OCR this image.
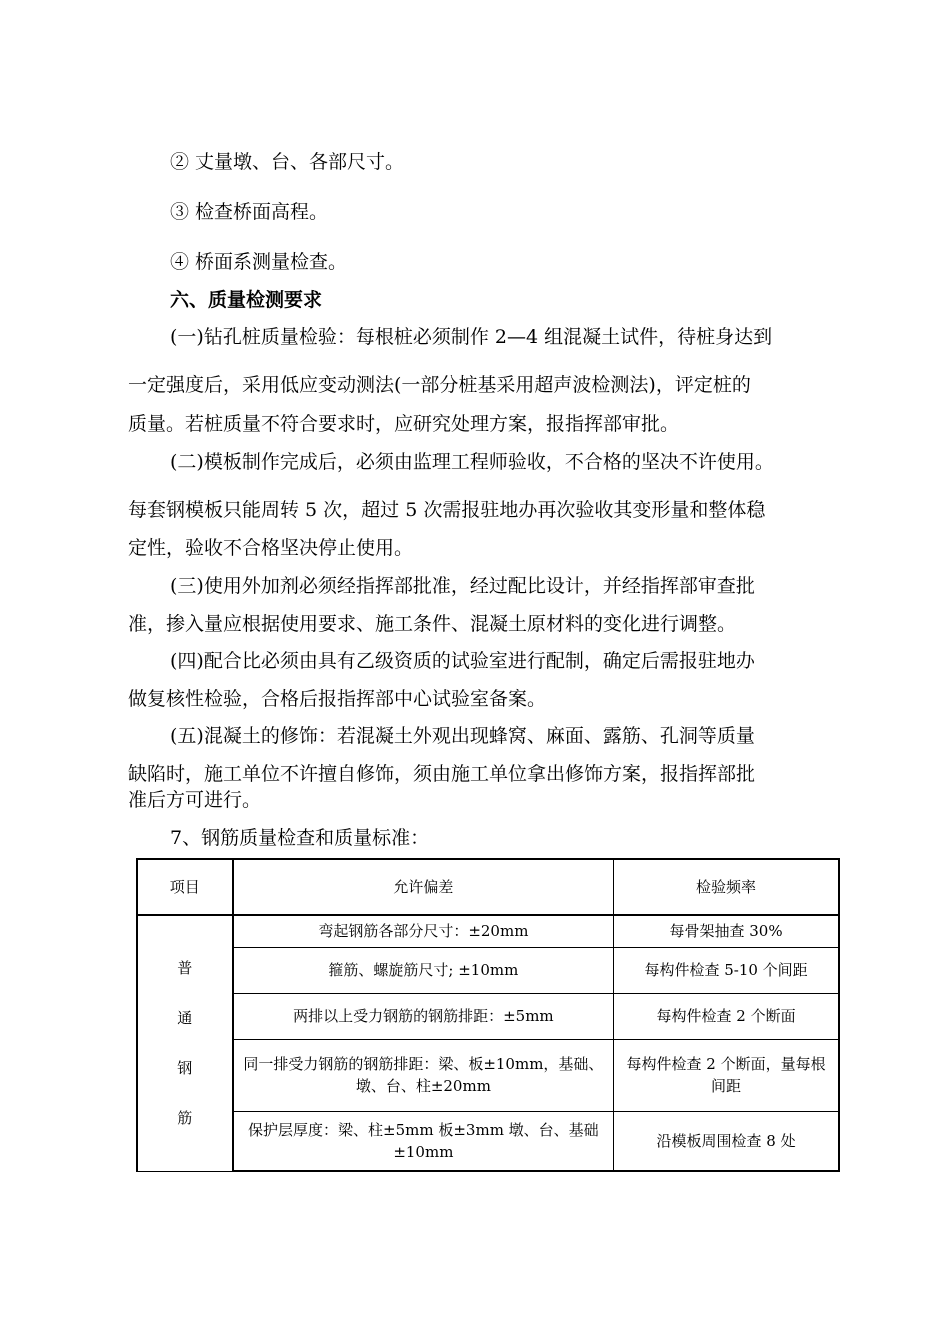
② 丈量墩、台、各部尺寸。
③ 检查桥面高程。
④ 桥面系测量检查。
六、质量检测要求
(一)钻孔桩质量检验：每根桩必须制作 2—4 组混凝土试件，待桩身达到
一定强度后，采用低应变动测法(一部分桩基采用超声波检测法)，评定桩的
质量。若桩质量不符合要求时，应研究处理方案，报指挥部审批。
(二)模板制作完成后，必须由监理工程师验收，不合格的坚决不许使用。
每套钢模板只能周转 5 次，超过 5 次需报驻地办再次验收其变形量和整体稳
定性，验收不合格坚决停止使用。
(三)使用外加剂必须经指挥部批准，经过配比设计，并经指挥部审查批
准，掺入量应根据使用要求、施工条件、混凝土原材料的变化进行调整。
(四)配合比必须由具有乙级资质的试验室进行配制，确定后需报驻地办
做复核性检验，合格后报指挥部中心试验室备案。
(五)混凝土的修饰：若混凝土外观出现蜂窝、麻面、露筋、孔洞等质量
缺陷时，施工单位不许擅自修饰，须由施工单位拿出修饰方案，报指挥部批
准后方可进行。
7、钢筋质量检查和质量标准：
项目	允许偏差	检验频率

普
通
钢
筋	弯起钢筋各部分尺寸：±20mm	每骨架抽查 30%
	箍筋、螺旋筋尺寸; ±10mm	每构件检查 5-10 个间距
	两排以上受力钢筋的钢筋排距：±5mm	每构件检查 2 个断面
	同一排受力钢筋的钢筋排距：梁、板±10mm，基础、墩、台、柱±20mm	每构件检查 2 个断面，量每根间距
	保护层厚度：梁、柱±5mm 板±3mm 墩、台、基础±10mm	沿模板周围检查 8 处
